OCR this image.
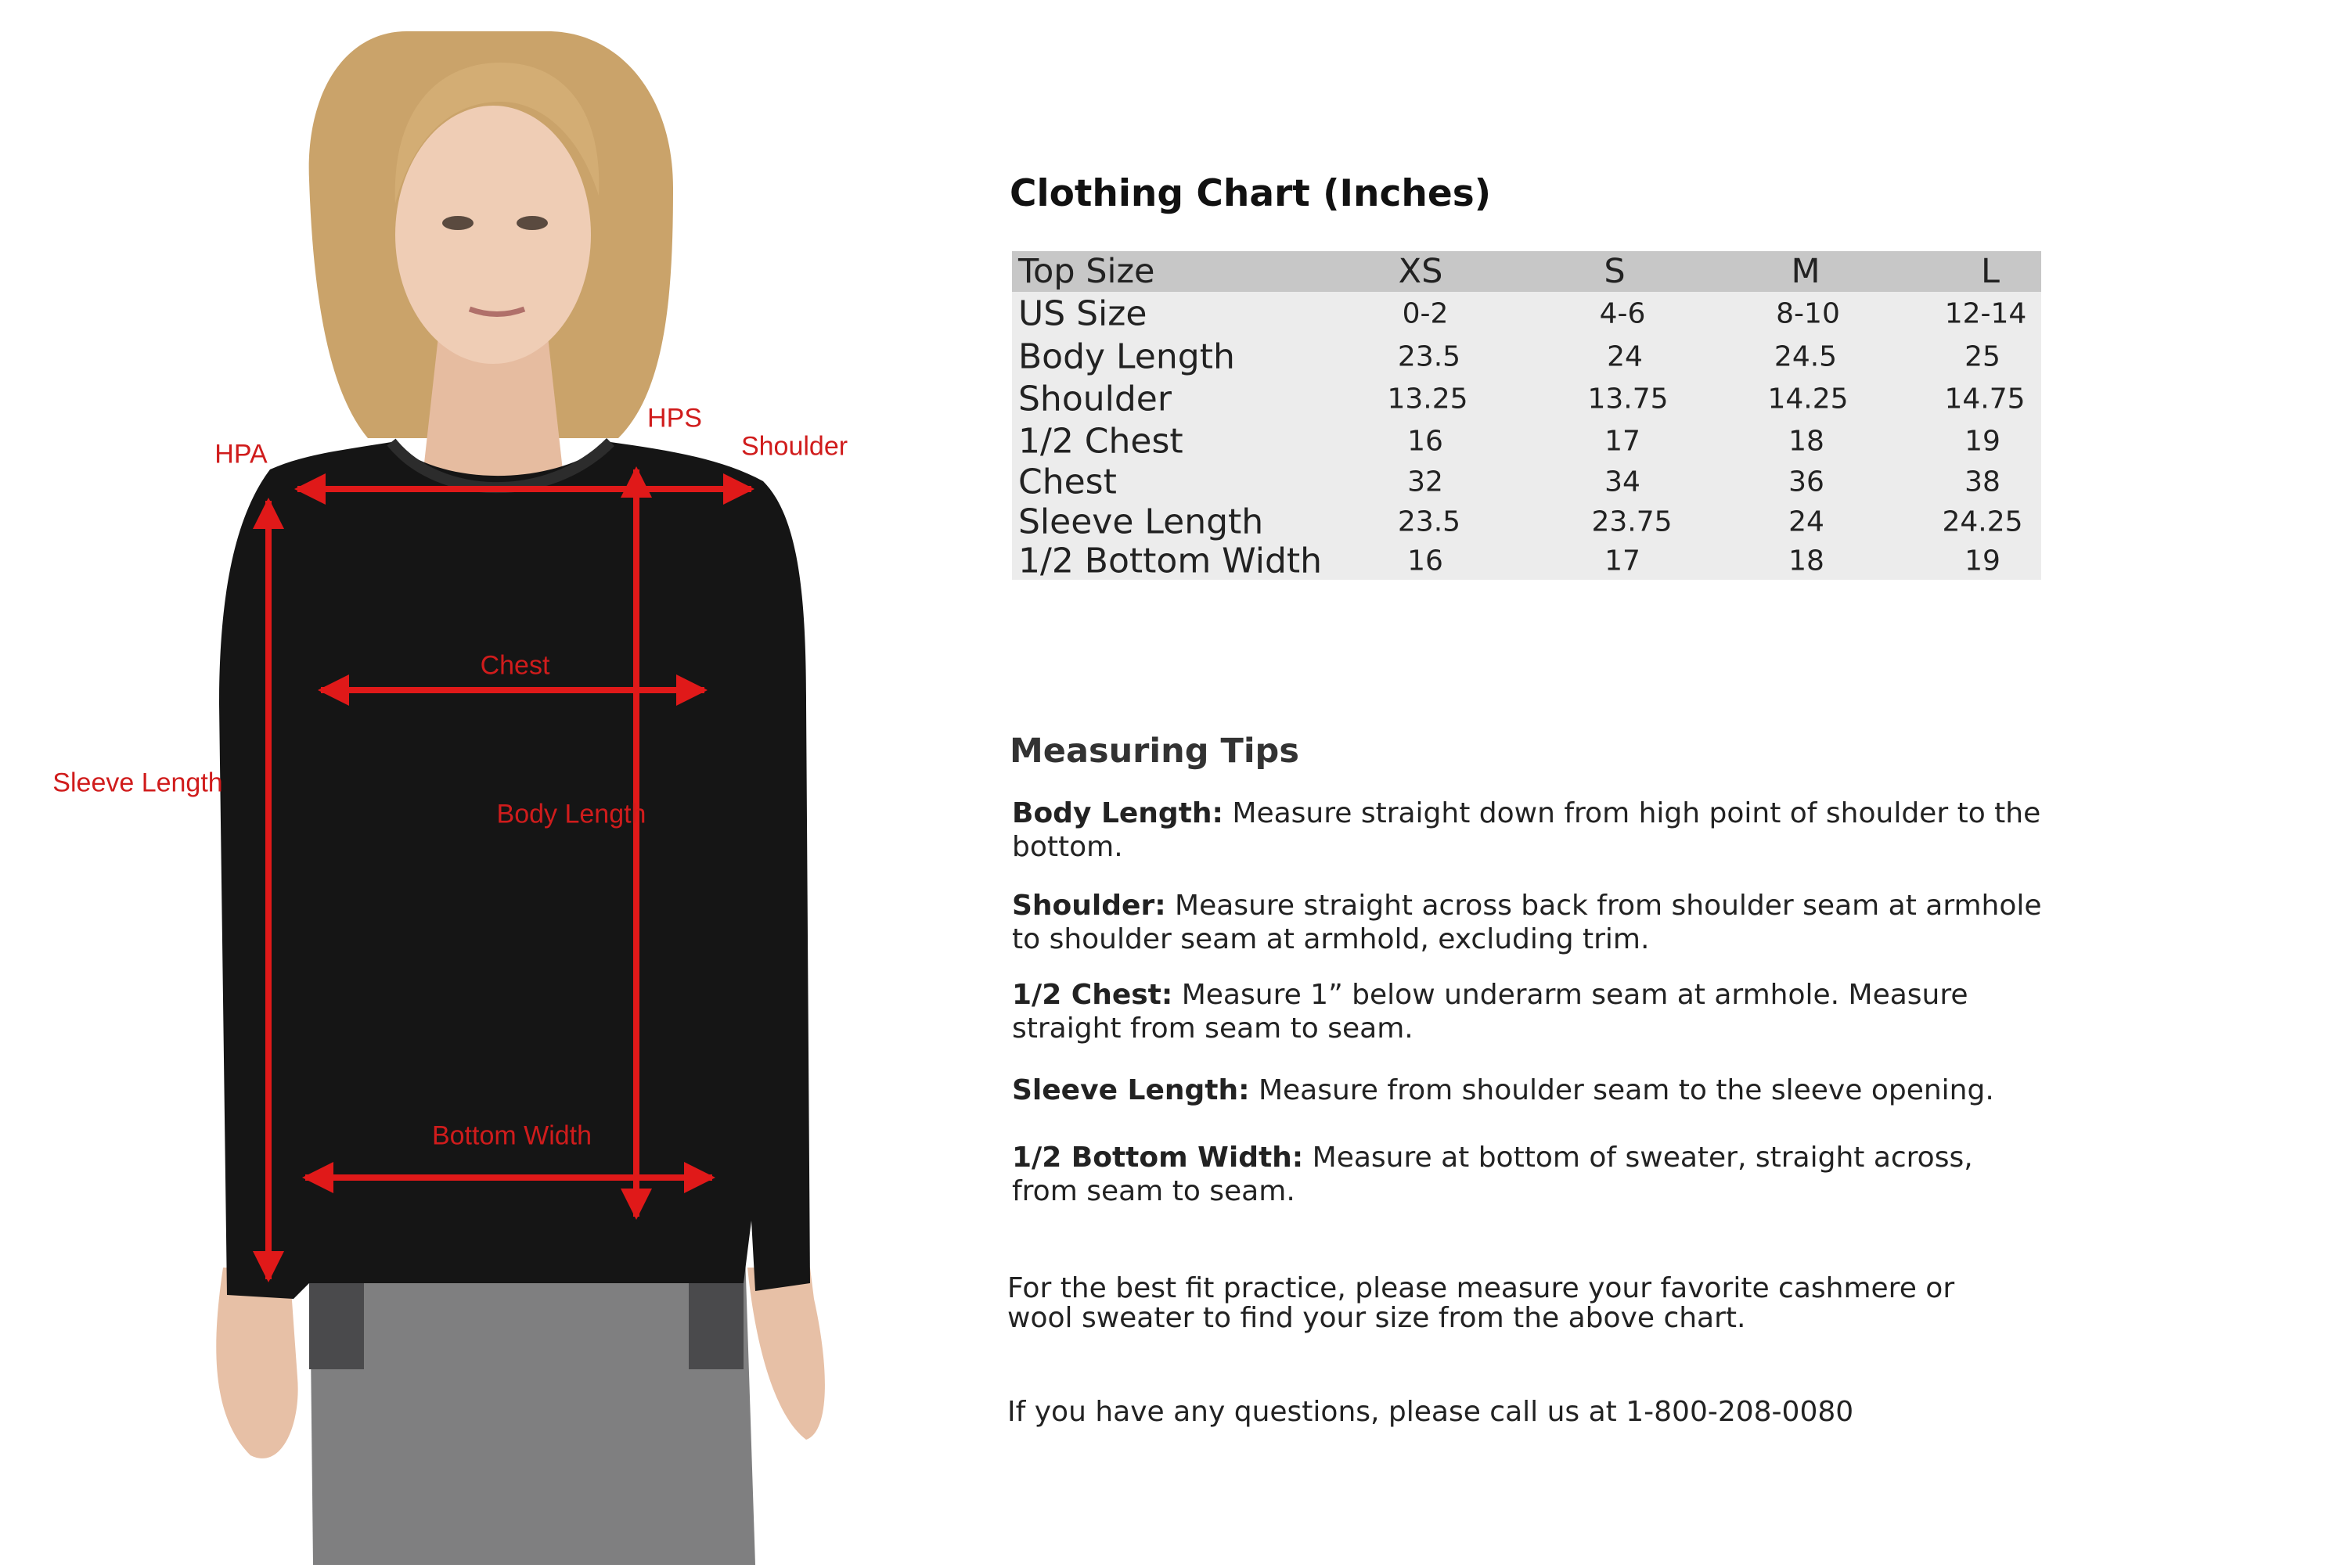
HPA
HPS
Shoulder
Chest
Sleeve Length
Body Length
Bottom Width
Clothing Chart (Inches)
Top Size	XS	S	M	L
US Size	0-2	4-6	8-10	12-14
Body Length	23.5	24	24.5	25
Shoulder	13.25	13.75	14.25	14.75
1/2 Chest	16	17	18	19
Chest	32	34	36	38
Sleeve Length	23.5	23.75	24	24.25
1/2 Bottom Width	16	17	18	19
Measuring Tips
Body Length: Measure straight down from high point of shoulder to the bottom.
Shoulder: Measure straight across back from shoulder seam at armhole to shoulder seam at armhold, excluding trim.
1/2 Chest: Measure 1” below underarm seam at armhole. Measure straight from seam to seam.
Sleeve Length: Measure from shoulder seam to the sleeve opening.
1/2 Bottom Width: Measure at bottom of sweater, straight across, from seam to seam.
For the best fit practice, please measure your favorite cashmere or wool sweater to find your size from the above chart.
If you have any questions, please call us at 1-800-208-0080
